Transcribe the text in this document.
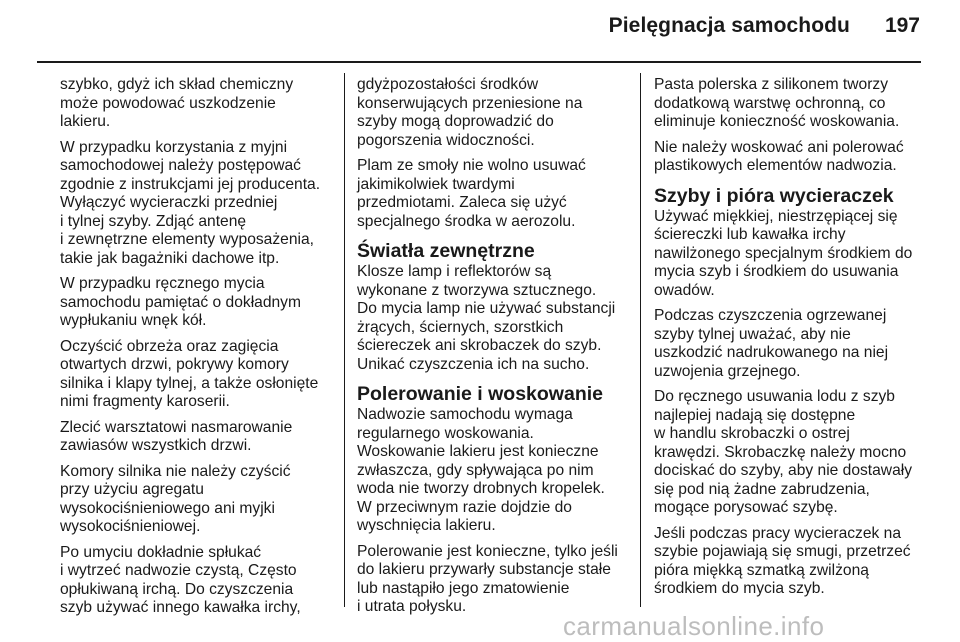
Pielęgnacja samochodu 197

szybko, gdyż ich skład chemiczny
może powodować uszkodzenie
lakieru.

W przypadku korzystania z myjni
samochodowej należy postępować
zgodnie z instrukcjami jej producenta.
Wyłączyć wycieraczki przedniej
i tylnej szyby. Zdjąć antenę
i zewnętrzne elementy wyposażenia,
takie jak bagażniki dachowe itp.

W przypadku ręcznego mycia
samochodu pamiętać o dokładnym
wypłukaniu wnęk kół.

Oczyścić obrzeża oraz zagięcia
otwartych drzwi, pokrywy komory
silnika i klapy tylnej, a także osłonięte
nimi fragmenty karoserii.

Zlecić warsztatowi nasmarowanie
zawiasów wszystkich drzwi.

Komory silnika nie należy czyścić
przy użyciu agregatu
wysokociśnieniowego ani myjki
wysokociśnieniowej.

Po umyciu dokładnie spłukać
i wytrzeć nadwozie czystą, Często
opłukiwaną irchą. Do czyszczenia
szyb używać innego kawałka irchy,

gdyżpozostałości środków
konserwujących przeniesione na
szyby mogą doprowadzić do
pogorszenia widoczności.

Plam ze smoły nie wolno usuwać
jakimikolwiek twardymi
przedmiotami. Zaleca się użyć
specjalnego środka w aerozolu.

Światła zewnętrzne

Klosze lamp i reflektorów są
wykonane z tworzywa sztucznego.
Do mycia lamp nie używać substancji
żrących, ściernych, szorstkich
ściereczek ani skrobaczek do szyb.
Unikać czyszczenia ich na sucho.

Polerowanie i woskowanie

Nadwozie samochodu wymaga
regularnego woskowania.
Woskowanie lakieru jest konieczne
zwłaszcza, gdy spływająca po nim
woda nie tworzy drobnych kropelek.
W przeciwnym razie dojdzie do
wyschnięcia lakieru.

Polerowanie jest konieczne, tylko jeśli
do lakieru przywarły substancje stałe
lub nastąpiło jego zmatowienie
i utrata połysku.

Pasta polerska z silikonem tworzy
dodatkową warstwę ochronną, co
eliminuje konieczność woskowania.

Nie należy woskować ani polerować
plastikowych elementów nadwozia.

Szyby i pióra wycieraczek

Używać miękkiej, niestrzępiącej się
ściereczki lub kawałka irchy
nawilżonego specjalnym środkiem do
mycia szyb i środkiem do usuwania
owadów.

Podczas czyszczenia ogrzewanej
szyby tylnej uważać, aby nie
uszkodzić nadrukowanego na niej
uzwojenia grzejnego.

Do ręcznego usuwania lodu z szyb
najlepiej nadają się dostępne
w handlu skrobaczki o ostrej
krawędzi. Skrobaczkę należy mocno
dociskać do szyby, aby nie dostawały
się pod nią żadne zabrudzenia,
mogące porysować szybę.

Jeśli podczas pracy wycieraczek na
szybie pojawiają się smugi, przetrzeć
pióra miękką szmatką zwilżoną
środkiem do mycia szyb.

carmanualsonline.info
